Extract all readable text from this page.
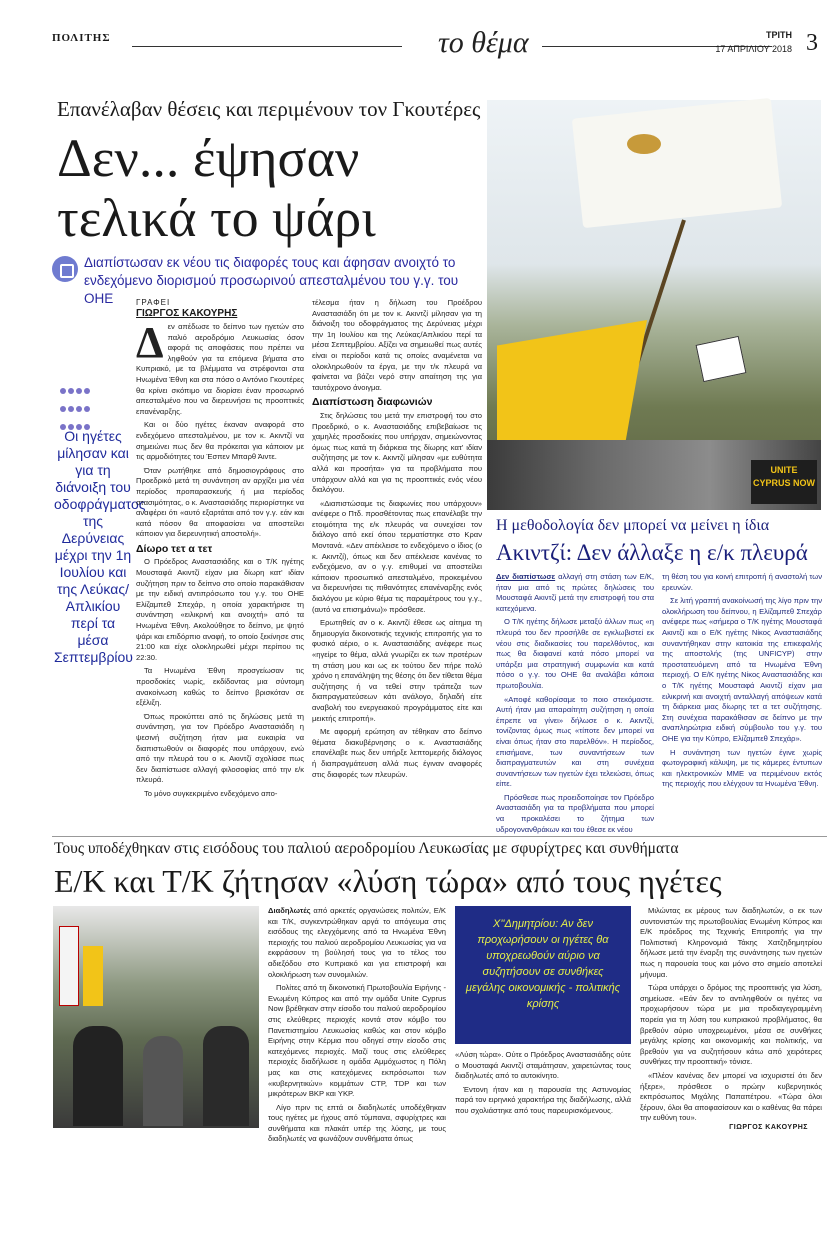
ΠΟΛΙΤΗΣ	το θέμα	ΤΡΙΤΗ
17 ΑΠΡΙΛΙΟΥ 2018 3
Επανέλαβαν θέσεις και περιμένουν τον Γκουτέρες
Δεν... έψησαν
τελικά το ψάρι
Διαπίστωσαν εκ νέου τις διαφορές τους και άφησαν ανοιχτό το ενδεχόμενο διορισμού προσωρινού απεσταλμένου του γ.γ. του ΟΗΕ

Οι ηγέτες μίλησαν και για τη διάνοιξη του οδοφράγματος της Δερύνειας μέχρι την 1η Ιουλίου και της Λεύκας/Απλικίου περί τα μέσα Σεπτεμβρίου
ΓΡΑΦΕΙ
ΓΙΩΡΓΟΣ ΚΑΚΟΥΡΗΣ
Δ εν απέδωσε το δείπνο των ηγετών στο παλιό αεροδρόμιο Λευκωσίας όσον αφορά τις αποφάσεις που πρέπει να ληφθούν για τα επόμενα βήματα στο Κυπριακό, με τα βλέμματα να στρέφονται στα Ηνωμένα Έθνη και στα πόσο ο Αντόνιο Γκουτέρες θα κρίνει σκόπιμο να διορίσει έναν προσωρινό απεσταλμένο που να διερευνήσει τις προοπτικές επανέναρξης.

Και οι δύο ηγέτες έκαναν αναφορά στο ενδεχόμενο απεσταλμένου, με τον κ. Ακιντζί να σημειώνει πως δεν θα πρόκειται για κάποιον με τις αρμοδιότητες του Έσπεν Μπαρθ Άιντε.

Όταν ρωτήθηκε από δημοσιογράφους στο Προεδρικό μετά τη συνάντηση αν αρχίζει μια νέα περίοδος προπαρασκευής ή μια περίοδος στασιμότητας, ο κ. Αναστασιάδης περιορίστηκε να αναφέρει ότι «αυτό εξαρτάται από τον γ.γ. εάν και κατά πόσον θα αποφασίσει να αποστείλει κάποιον για διερευνητική αποστολή».

Δίωρο τετ α τετ

Ο Πρόεδρος Αναστασιάδης και ο Τ/Κ ηγέτης Μουσταφά Ακιντζί είχαν μια δίωρη κατ' ιδίαν συζήτηση πριν το δείπνο στο οποίο παρακάθισαν με την ειδική αντιπρόσωπο του γ.γ. του ΟΗΕ Ελίζαμπεθ Σπεχάρ, η οποία χαρακτήρισε τη συνάντηση «ειλικρινή και ανοιχτή» από τα Ηνωμένα Έθνη. Ακολούθησε το δείπνο, με ψητό ψάρι και επιδόρπιο αναφή, το οποίο ξεκίνησε στις 21:00 και είχε ολοκληρωθεί μέχρι περίπου τις 22:30.

Τα Ηνωμένα Έθνη προσγείωσαν τις προσδοκίες νωρίς, εκδίδοντας μια σύντομη ανακοίνωση καθώς το δείπνο βρισκόταν σε εξέλιξη.

Όπως προκύπτει από τις δηλώσεις μετά τη συνάντηση, για τον Πρόεδρο Αναστασιάδη η ψεσινή συζήτηση ήταν μια ευκαιρία να διαπιστωθούν οι διαφορές που υπάρχουν, ενώ από την πλευρά του ο κ. Ακιντζί σχολίασε πως δεν διαπίστωσε αλλαγή φιλοσοφίας από την ε/κ πλευρά.

Το μόνο συγκεκριμένο ενδεχόμενο απο-

τέλεσμα ήταν η δήλωση του Προέδρου Αναστασιάδη ότι με τον κ. Ακιντζί μίλησαν για τη διάνοιξη του οδοφράγματος της Δερύνειας μέχρι την 1η Ιουλίου και της Λεύκας/Απλικίου περί τα μέσα Σεπτεμβρίου. Αξίζει να σημειωθεί πως αυτές είναι οι περίοδοι κατά τις οποίες αναμένεται να ολοκληρωθούν τα έργα, με την τ/κ πλευρά να φαίνεται να βάζει νερό στην απαίτηση της για ταυτόχρονο άνοιγμα.

Διαπίστωση διαφωνιών

Στις δηλώσεις του μετά την επιστροφή του στο Προεδρικό, ο κ. Αναστασιάδης επιβεβαίωσε τις χαμηλές προσδοκίες που υπήρχαν, σημειώνοντας όμως πως κατά τη διάρκεια της δίωρης κατ' ιδίαν συζήτησης με τον κ. Ακιντζί μίλησαν «με ευθύτητα αλλά και προσήτα» για τα προβλήματα που υπάρχουν αλλά και για τις προοπτικές ενός νέου διαλόγου.

«Διαπιστώσαμε τις διαφωνίες που υπάρχουν» ανέφερε ο Πτδ. προσθέτοντας πως επανέλαβε την ετοιμότητα της ε/κ πλευράς να συνεχίσει τον διάλογο από εκεί όπου τερματίστηκε στο Κραν Μοντανά. «Δεν απέκλεισε το ενδεχόμενο ο ίδιος (ο κ. Ακιντζί), όπως και δεν απέκλεισε κανένας το ενδεχόμενο, αν ο γ.γ. επιθυμεί να αποστείλει κάποιον προσωπικό απεσταλμένο, προκειμένου να διερευνήσει τις πιθανότητες επανέναρξης ενός διαλόγου με κύριο θέμα τις παραμέτρους του γ.γ., (αυτό να επισημάνω)» πρόσθεσε.

Ερωτηθείς αν ο κ. Ακιντζί έθεσε ως αίτημα τη δημιουργία δικοινοτικής τεχνικής επιτροπής για το φυσικό αέριο, ο κ. Αναστασιάδης ανέφερε πως «ηγείρε το θέμα, αλλά γνωρίζει εκ των προτέρων τη στάση μου και ως εκ τούτου δεν πήρε πολύ χρόνο η επανάληψη της θέσης ότι δεν τίθεται θέμα συζήτησης ή να τεθεί στην τράπεζα των διαπραγματεύσεων κάτι ανάλογο, δηλαδή είτε αναβολή του ενεργειακού προγράμματος είτε και μεικτής επιτροπή».

Με αφορμή ερώτηση αν τέθηκαν στο δείπνο θέματα διακυβέρνησης ο κ. Αναστασιάδης επανέλαβε πως δεν υπήρξε λεπτομερής διάλογος ή διαπραγμάτευση αλλά πως έγιναν αναφορές στις διαφορές των πλευρών.

UNITE CYPRUS NOW
Η μεθοδολογία δεν μπορεί να μείνει η ίδια
Ακιντζί: Δεν άλλαξε η ε/κ πλευρά

Δεν διαπίστωσε αλλαγή στη στάση των Ε/Κ, ήταν μια από τις πρώτες δηλώσεις του Μουσταφά Ακιντζί μετά την επιστροφή του στα κατεχόμενα.

Ο Τ/Κ ηγέτης δήλωσε μεταξύ άλλων πως «η πλευρά του δεν προσήλθε σε εγκλωβιστεί εκ νέου στις διαδικασίες του παρελθόντος, και πως θα διαφανεί κατά πόσο μπορεί να υπάρξει μια στρατηγική συμφωνία και κατά πόσο ο γ.γ. του ΟΗΕ θα αναλάβει κάποια πρωτοβουλία.

«Αποφέ καθορίσαμε το ποιο στεκόμαστε. Αυτή ήταν μια απαραίτητη συζήτηση η οποία έπρεπε να γίνει» δήλωσε ο κ. Ακιντζί, τονίζοντας όμως πως «τίποτε δεν μπορεί να είναι όπως ήταν στο παρελθόν». Η περίοδος, επισήμανε, των συναντήσεων των διαπραγματευτών και στη συνέχεια συναντήσεων των ηγετών έχει τελειώσει, όπως είπε.

Πρόσθεσε πως προειδοποίησε τον Πρόεδρο Αναστασιάδη για τα προβλήματα που μπορεί να προκαλέσει το ζήτημα των υδρογονανθράκων και του έθεσε εκ νέου

τη θέση του για κοινή επιτροπή ή αναστολή των ερευνών.

Σε λιτή γραπτή ανακοίνωσή της λίγο πριν την ολοκλήρωση του δείπνου, η Ελίζαμπεθ Σπεχάρ ανέφερε πως «σήμερα ο Τ/Κ ηγέτης Μουσταφά Ακιντζί και ο Ε/Κ ηγέτης Νίκος Αναστασιάδης συναντήθηκαν στην κατοικία της επικεφαλής της αποστολής (της UNFICYP) στην προστατευόμενη από τα Ηνωμένα Έθνη περιοχή. Ο Ε/Κ ηγέτης Νίκος Αναστασιάδης και ο Τ/Κ ηγέτης Μουσταφά Ακιντζί είχαν μια ειλικρινή και ανοιχτή ανταλλαγή απόψεων κατά τη διάρκεια μιας δίωρης τετ α τετ συζήτησης. Στη συνέχεια παρακάθισαν σε δείπνο με την αναπληρώτρια ειδική σύμβουλο του γ.γ. του ΟΗΕ για την Κύπρο, Ελίζαμπεθ Σπεχάρ».

Η συνάντηση των ηγετών έγινε χωρίς φωτογραφική κάλυψη, με τις κάμερες έντυπων και ηλεκτρονικών ΜΜΕ να περιμένουν εκτός της περιοχής που ελέγχουν τα Ηνωμένα Έθνη.

Τους υποδέχθηκαν στις εισόδους του παλιού αεροδρομίου Λευκωσίας με σφυρίχτρες και συνθήματα
Ε/Κ και Τ/Κ ζήτησαν «λύση τώρα» από τους ηγέτες

Διαδηλωτές από αρκετές οργανώσεις πολιτών, Ε/Κ και Τ/Κ, συγκεντρώθηκαν αργά το απόγευμα στις εισόδους της ελεγχόμενης από τα Ηνωμένα Έθνη περιοχής του παλιού αεροδρομίου Λευκωσίας για να εκφράσουν τη βούλησή τους για το τέλος του αδιεξόδου στο Κυπριακό και για επιστροφή και ολοκλήρωση των συνομιλιών.

Πολίτες από τη δικοινοτική Πρωτοβουλία Ειρήνης - Ενωμένη Κύπρος και από την ομάδα Unite Cyprus Now βρέθηκαν στην είσοδο του παλιού αεροδρομίου στις ελεύθερες περιοχές κοντά στον κόμβο του Πανεπιστημίου Λευκωσίας καθώς και στον κόμβο Ειρήνης στην Κέρμια που οδηγεί στην είσοδο στις κατεχόμενες περιοχές. Μαζί τους στις ελεύθερες περιοχές διαδήλωσε η ομάδα Αμμόχωστος η Πόλη μας και στις κατεχόμενες εκπρόσωποι των «κυβερνητικών» κομμάτων CTP, TDP και των μικρότερων BKP και YKP.

Λίγο πριν τις επτά οι διαδηλωτές υποδέχθηκαν τους ηγέτες με ήχους από τύμπανα, σφυρίχτρες και συνθήματα και πλακάτ υπέρ της λύσης, με τους διαδηλωτές να φωνάζουν συνθήματα όπως

Χ''Δημητρίου: Αν δεν προχωρήσουν οι ηγέτες θα υποχρεωθούν αύριο να συζητήσουν σε συνθήκες μεγάλης οικονομικής - πολιτικής κρίσης

«Λύση τώρα». Ούτε ο Πρόεδρος Αναστασιάδης ούτε ο Μουσταφά Ακιντζί σταμάτησαν, χαιρετώντας τους διαδηλωτές από το αυτοκίνητο.

Έντονη ήταν και η παρουσία της Αστυνομίας παρά τον ειρηνικό χαρακτήρα της διαδήλωσης, αλλά που σχολιάστηκε από τους παρευρισκόμενους.

Μιλώντας εκ μέρους των διαδηλωτών, ο εκ των συντονιστών της πρωτοβουλίας Ενωμένη Κύπρος και Ε/Κ πρόεδρος της Τεχνικής Επιτροπής για την Πολιτιστική Κληρονομιά Τάκης Χατζηδημητρίου δήλωσε μετά την έναρξη της συνάντησης των ηγετών πως η παρουσία τους και μόνο στο σημείο αποτελεί μήνυμα.

Τώρα υπάρχει ο δρόμος της προοπτικής για λύση, σημείωσε. «Εάν δεν το αντιληφθούν οι ηγέτες να προχωρήσουν τώρα με μια προδιαγεγραμμένη πορεία για τη λύση του κυπριακού προβλήματος, θα βρεθούν αύριο υποχρεωμένοι, μέσα σε συνθήκες μεγάλης κρίσης και οικονομικής και πολιτικής, να βρεθούν για να συζητήσουν κάτω από χειρότερες συνθήκες την προοπτική» τόνισε.

«Πλέον κανένας δεν μπορεί να ισχυριστεί ότι δεν ήξερε», πρόσθεσε ο πρώην κυβερνητικός εκπρόσωπος Μιχάλης Παπαπέτρου. «Τώρα όλοι ξέρουν, όλοι θα αποφασίσουν και ο καθένας θα πάρει την ευθύνη του».

ΓΙΩΡΓΟΣ ΚΑΚΟΥΡΗΣ
